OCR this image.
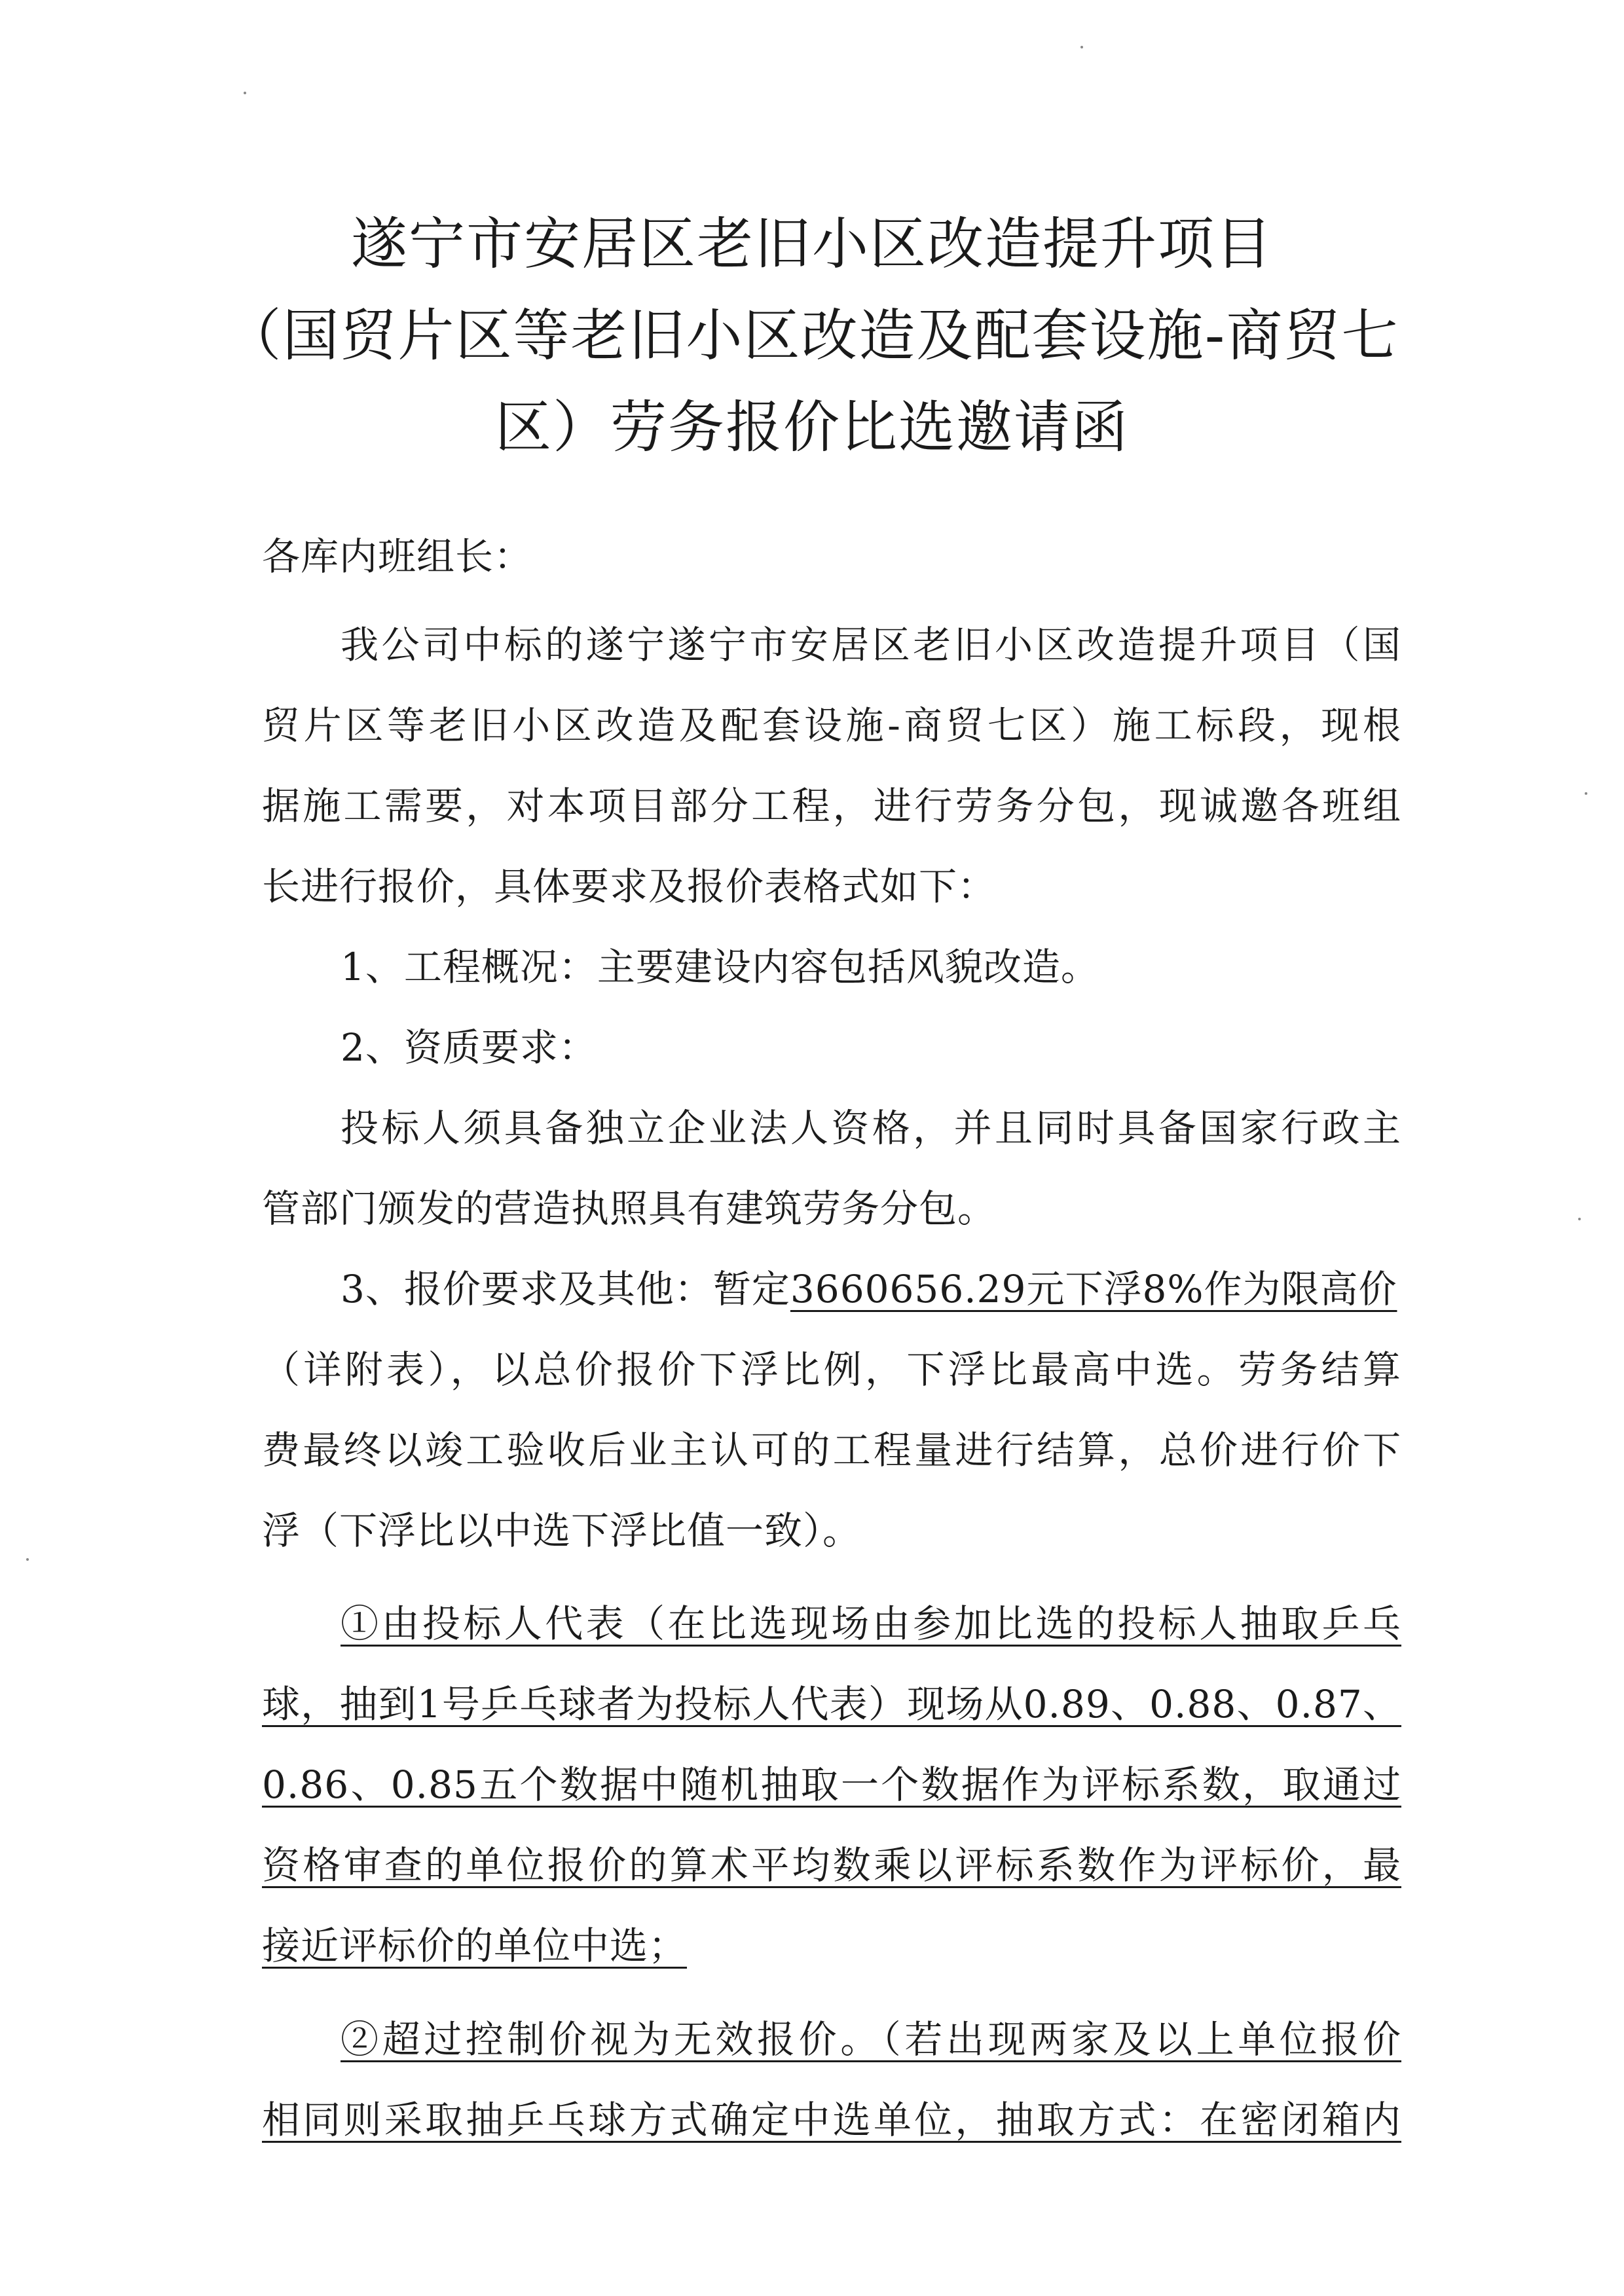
遂宁市安居区老旧小区改造提升项目
（国贸片区等老旧小区改造及配套设施-商贸七
区）劳务报价比选邀请函
各库内班组长：
我公司中标的遂宁遂宁市安居区老旧小区改造提升项目（国
贸片区等老旧小区改造及配套设施-商贸七区）施工标段，现根
据施工需要，对本项目部分工程，进行劳务分包，现诚邀各班组
长进行报价，具体要求及报价表格式如下：
1、工程概况：主要建设内容包括风貌改造。
2、资质要求：
投标人须具备独立企业法人资格，并且同时具备国家行政主
管部门颁发的营造执照具有建筑劳务分包。
3、报价要求及其他：暂定3660656.29元下浮8%作为限高价
（详附表），以总价报价下浮比例，下浮比最高中选。劳务结算
费最终以竣工验收后业主认可的工程量进行结算，总价进行价下
浮（下浮比以中选下浮比值一致）。
①由投标人代表（在比选现场由参加比选的投标人抽取乒乓
球，抽到1号乒乓球者为投标人代表）现场从0.89、0.88、0.87、
0.86、0.85五个数据中随机抽取一个数据作为评标系数，取通过
资格审查的单位报价的算术平均数乘以评标系数作为评标价，最
接近评标价的单位中选；
②超过控制价视为无效报价。（若出现两家及以上单位报价
相同则采取抽乒乓球方式确定中选单位，抽取方式：在密闭箱内
